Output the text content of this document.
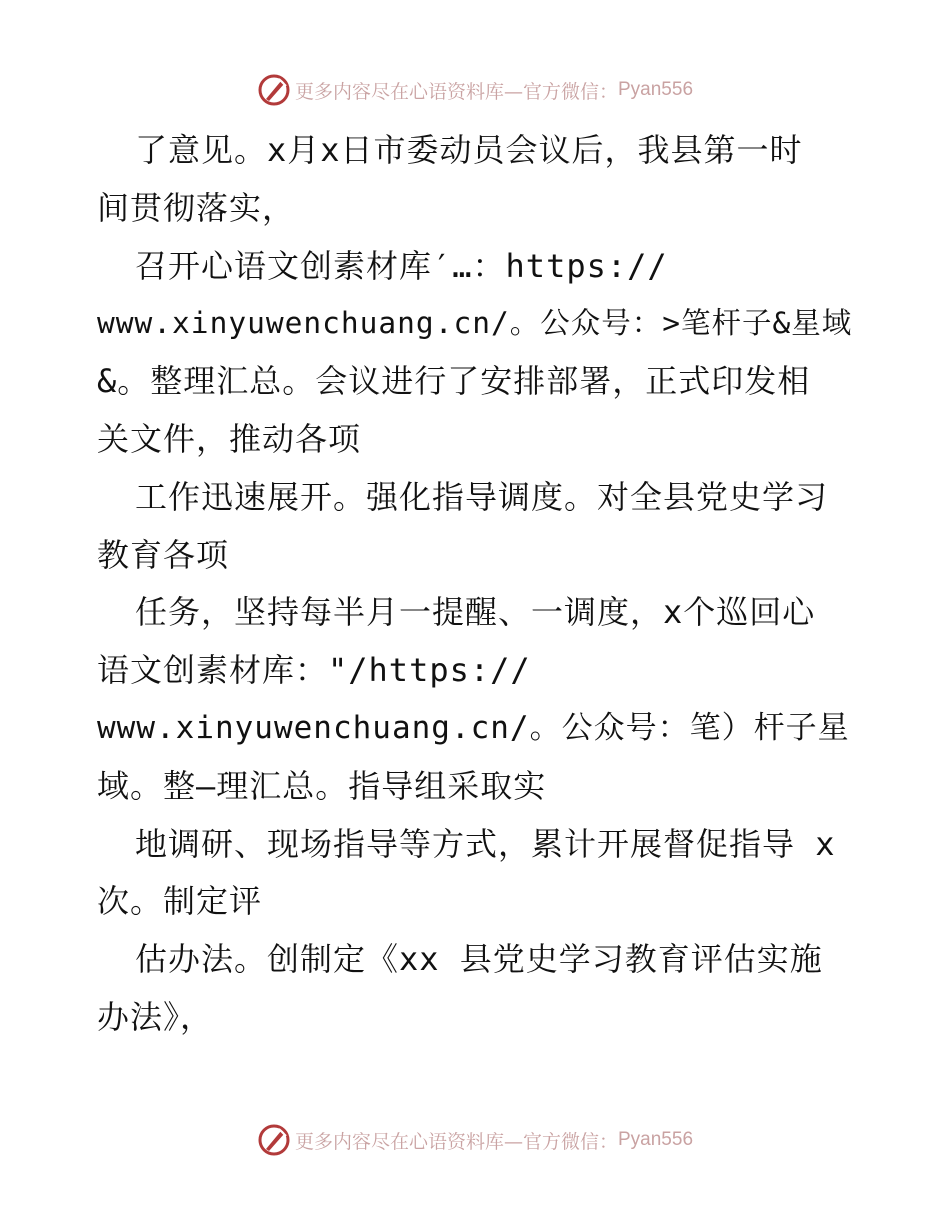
更多内容尽在心语资料库—官方微信： Pyan556
了意见。x月x日市委动员会议后，我县第一时
间贯彻落实，
召开心语文创素材库′…：https://
www.xinyuwenchuang.cn/。公众号：>笔杆子&星域
&。整理汇总。会议进行了安排部署，正式印发相
关文件，推动各项
工作迅速展开。强化指导调度。对全县党史学习
教育各项
任务，坚持每半月一提醒、一调度，x个巡回心
语文创素材库："/https://
www.xinyuwenchuang.cn/。公众号：笔）杆子星
域。整—理汇总。指导组采取实
地调研、现场指导等方式，累计开展督促指导 x
次。制定评
估办法。创制定《xx 县党史学习教育评估实施
办法》，
更多内容尽在心语资料库—官方微信： Pyan556
